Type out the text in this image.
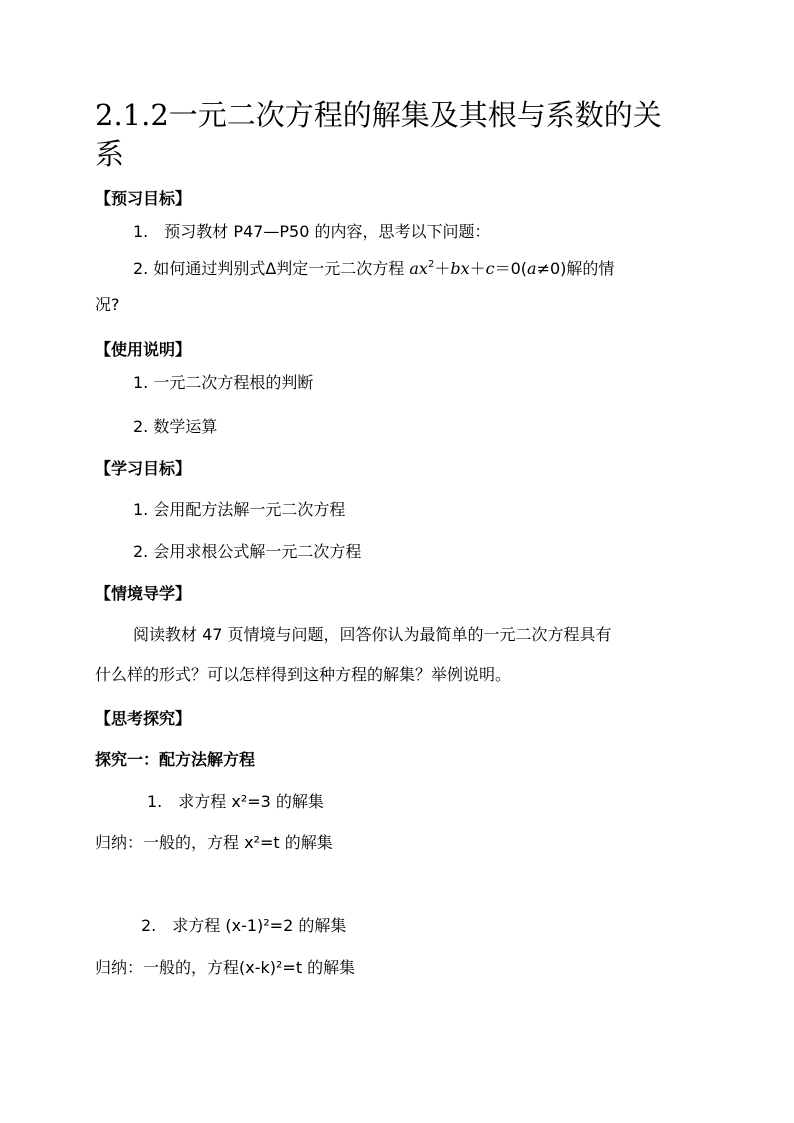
2.1.2一元二次方程的解集及其根与系数的关
系
【预习目标】
1.　预习教材 P47—P50 的内容，思考以下问题：
2. 如何通过判别式Δ判定一元二次方程 $ax^2+bx+c=0(a\ne 0)$解的情
况?
【使用说明】
1. 一元二次方程根的判断
2. 数学运算
【学习目标】
1. 会用配方法解一元二次方程
2. 会用求根公式解一元二次方程
【情境导学】
阅读教材 47 页情境与问题，回答你认为最简单的一元二次方程具有
什么样的形式？可以怎样得到这种方程的解集？举例说明。
【思考探究】
探究一：配方法解方程
1.　求方程 x²=3 的解集
归纳：一般的，方程 x²=t 的解集
2.　求方程 (x-1)²=2 的解集
归纳：一般的，方程(x-k)²=t 的解集
